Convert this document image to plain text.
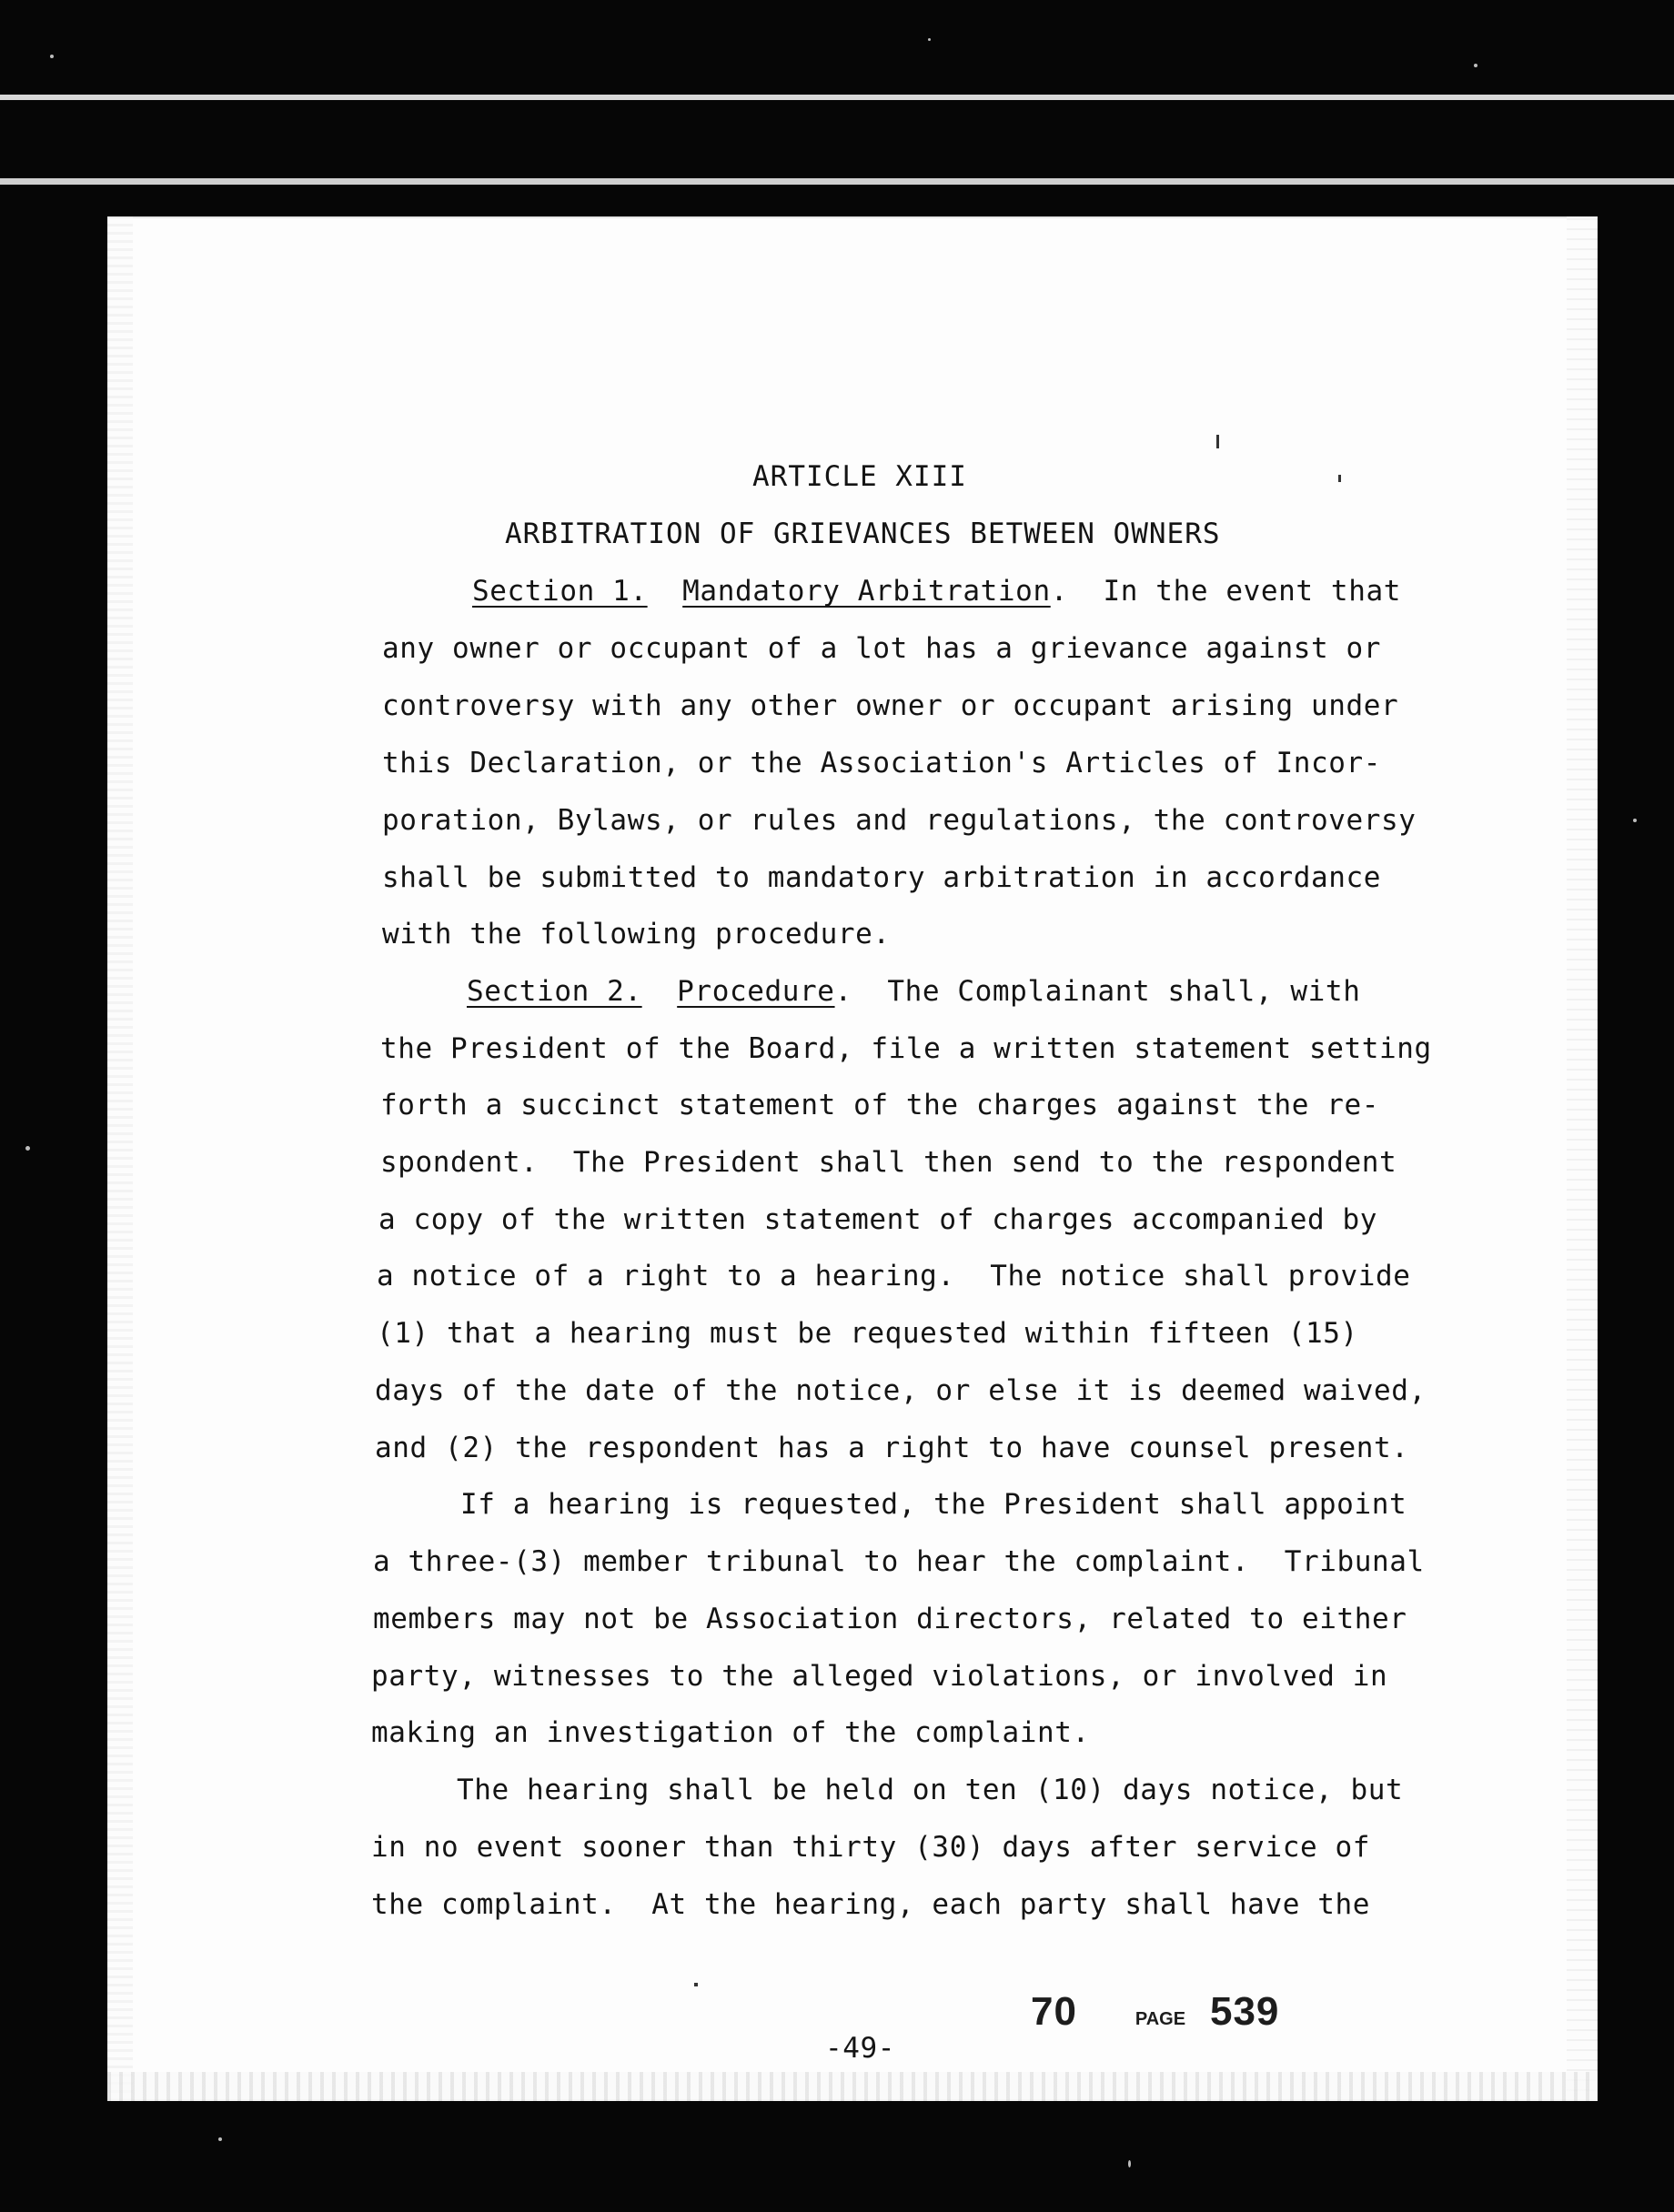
ARTICLE XIII
ARBITRATION OF GRIEVANCES BETWEEN OWNERS
Section 1. Mandatory Arbitration.  In the event that
any owner or occupant of a lot has a grievance against or
controversy with any other owner or occupant arising under
this Declaration, or the Association's Articles of Incor-
poration, Bylaws, or rules and regulations, the controversy
shall be submitted to mandatory arbitration in accordance
with the following procedure.
Section 2. Procedure.  The Complainant shall, with
the President of the Board, file a written statement setting
forth a succinct statement of the charges against the re-
spondent.  The President shall then send to the respondent
a copy of the written statement of charges accompanied by
a notice of a right to a hearing.  The notice shall provide
(1) that a hearing must be requested within fifteen (15)
days of the date of the notice, or else it is deemed waived,
and (2) the respondent has a right to have counsel present.
If a hearing is requested, the President shall appoint
a three-(3) member tribunal to hear the complaint.  Tribunal
members may not be Association directors, related to either
party, witnesses to the alleged violations, or involved in
making an investigation of the complaint.
The hearing shall be held on ten (10) days notice, but
in no event sooner than thirty (30) days after service of
the complaint.  At the hearing, each party shall have the
-49-
70	PAGE 539
